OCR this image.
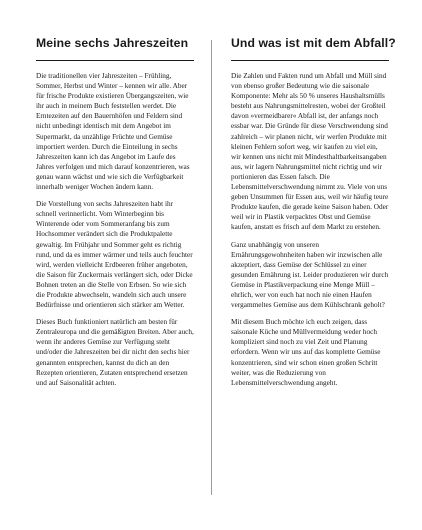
Meine sechs Jahreszeiten

Die traditionellen vier Jahreszeiten – Frühling, Sommer, Herbst und Winter – kennen wir alle. Aber für frische Produkte existieren Übergangszeiten, wie ihr auch in meinem Buch feststellen werdet. Die Erntezeiten auf den Bauernhöfen und Feldern sind nicht unbedingt identisch mit dem Angebot im Supermarkt, da unzählige Früchte und Gemüse importiert werden. Durch die Einteilung in sechs Jahreszeiten kann ich das Angebot im Laufe des Jahres verfolgen und mich darauf konzentrieren, was genau wann wächst und wie sich die Verfügbarkeit innerhalb weniger Wochen ändern kann.

Die Vorstellung von sechs Jahreszeiten habt ihr schnell verinnerlicht. Vom Winterbeginn bis Winterende oder vom Sommeranfang bis zum Hochsommer verändert sich die Produktpalette gewaltig. Im Frühjahr und Sommer geht es richtig rund, und da es immer wärmer und teils auch feuchter wird, werden vielleicht Erdbeeren früher angeboten, die Saison für Zuckermais verlängert sich, oder Dicke Bohnen treten an die Stelle von Erbsen. So wie sich die Produkte abwechseln, wandeln sich auch unsere Bedürfnisse und orientieren sich stärker am Wetter.

Dieses Buch funktioniert natürlich am besten für Zentraleuropa und die gemäßigten Breiten. Aber auch, wenn ihr anderes Gemüse zur Verfügung steht und/oder die Jahreszeiten bei dir nicht den sechs hier genannten entsprechen, kannst du dich an den Rezepten orientieren, Zutaten entsprechend ersetzen und auf Saisonalität achten.

Und was ist mit dem Abfall?

Die Zahlen und Fakten rund um Abfall und Müll sind von ebenso großer Bedeutung wie die saisonale Komponente: Mehr als 50 % unseres Haushaltsmülls besteht aus Nahrungsmittelresten, wobei der Großteil davon »vermeidbarer« Abfall ist, der anfangs noch essbar war. Die Gründe für diese Verschwendung sind zahlreich – wir planen nicht, wir werfen Produkte mit kleinen Fehlern sofort weg, wir kaufen zu viel ein, wir kennen uns nicht mit Mindesthaltbarkeitsangaben aus, wir lagern Nahrungsmittel nicht richtig und wir portionieren das Essen falsch. Die Lebensmittelverschwendung nimmt zu. Viele von uns geben Unsummen für Essen aus, weil wir häufig teure Produkte kaufen, die gerade keine Saison haben. Oder weil wir in Plastik verpacktes Obst und Gemüse kaufen, anstatt es frisch auf dem Markt zu erstehen.

Ganz unabhängig von unseren Ernährungsgewohnheiten haben wir inzwischen alle akzeptiert, dass Gemüse der Schlüssel zu einer gesunden Ernährung ist. Leider produzieren wir durch Gemüse in Plastikverpackung eine Menge Müll – ehrlich, wer von euch hat noch nie einen Haufen vergammeltes Gemüse aus dem Kühlschrank geholt?

Mit diesem Buch möchte ich euch zeigen, dass saisonale Küche und Müllvermeidung weder hoch kompliziert sind noch zu viel Zeit und Planung erfordern. Wenn wir uns auf das komplette Gemüse konzentrieren, sind wir schon einen großen Schritt weiter, was die Reduzierung von Lebensmittelverschwendung angeht.
